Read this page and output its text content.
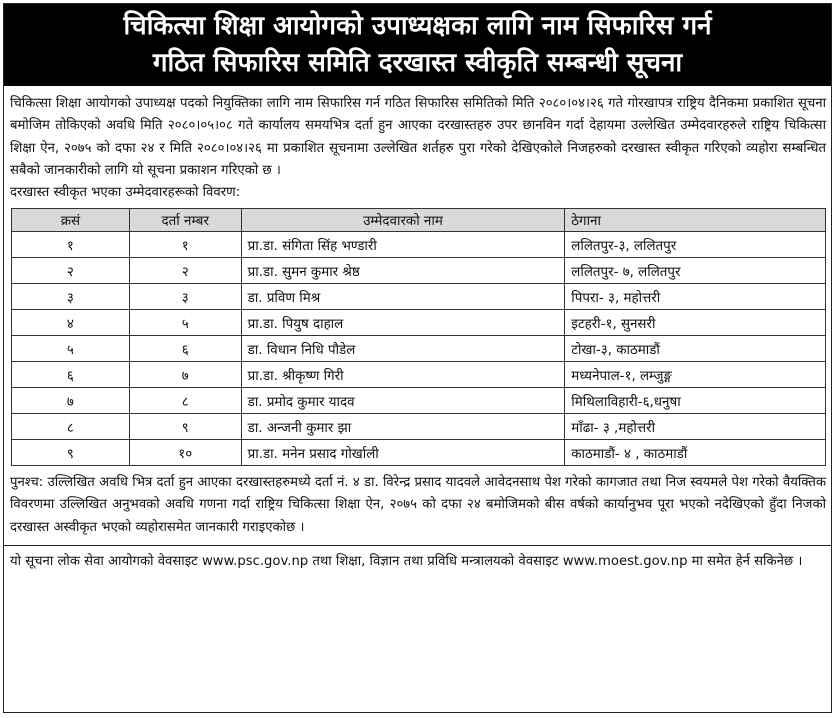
चिकित्सा शिक्षा आयोगको उपाध्यक्षका लागि नाम सिफारिस गर्न
गठित सिफारिस समिति दरखास्त स्वीकृति सम्बन्धी सूचना
चिकित्सा शिक्षा आयोगको उपाध्यक्ष पदको नियुक्तिका लागि नाम सिफारिस गर्न गठित सिफारिस समितिको मिति २०८०।०४।२६ गते गोरखापत्र राष्ट्रिय दैनिकमा प्रकाशित सूचना बमोजिम तोकिएको अवधि मिति २०८०।०५।०८ गते कार्यालय समयभित्र दर्ता हुन आएका दरखास्तहरु उपर छानविन गर्दा देहायमा उल्लेखित उम्मेदवारहरुले राष्ट्रिय चिकित्सा शिक्षा ऐन, २०७५ को दफा २४ र मिति २०८०।०४।२६ मा प्रकाशित सूचनामा उल्लेखित शर्तहरु पुरा गरेको देखिएकोले निजहरुको दरखास्त स्वीकृत गरिएको व्यहोरा सम्बन्धित सबैको जानकारीको लागि यो सूचना प्रकाशन गरिएको छ ।
दरखास्त स्वीकृत भएका उम्मेदवारहरूको विवरण:
क्रसं	दर्ता नम्बर	उम्मेदवारको नाम	ठेगाना
१	१	प्रा.डा. संगिता सिंह भण्डारी	ललितपुर-३, ललितपुर
२	२	प्रा.डा. सुमन कुमार श्रेष्ठ	ललितपुर- ७, ललितपुर
३	३	डा. प्रविण मिश्र	पिपरा- ३, महोत्तरी
४	५	प्रा.डा. पियुष दाहाल	इटहरी-१, सुनसरी
५	६	डा. विधान निधि पौडेल	टोखा-३, काठमाडौं
६	७	प्रा.डा. श्रीकृष्ण गिरी	मध्यनेपाल-१, लम्जुङ्ग
७	८	डा. प्रमोद कुमार यादव	मिथिलाविहारी-६,धनुषा
८	९	डा. अन्जनी कुमार झा	माँढा- ३ ,महोत्तरी
९	१०	प्रा.डा. मनेन प्रसाद गोर्खाली	काठमाडौं- ४ , काठमाडौं
पुनश्च: उल्लिखित अवधि भित्र दर्ता हुन आएका दरखास्तहरुमध्ये दर्ता नं. ४ डा. विरेन्द्र प्रसाद यादवले आवेदनसाथ पेश गरेको कागजात तथा निज स्वयमले पेश गरेको वैयक्तिक विवरणमा उल्लिखित अनुभवको अवधि गणना गर्दा राष्ट्रिय चिकित्सा शिक्षा ऐन, २०७५ को दफा २४ बमोजिमको बीस वर्षको कार्यानुभव पूरा भएको नदेखिएको हुँदा निजको दरखास्त अस्वीकृत भएको व्यहोरासमेत जानकारी गराइएकोछ ।
यो सूचना लोक सेवा आयोगको वेवसाइट www.psc.gov.np तथा शिक्षा, विज्ञान तथा प्रविधि मन्त्रालयको वेवसाइट www.moest.gov.np मा समेत हेर्न सकिनेछ ।
